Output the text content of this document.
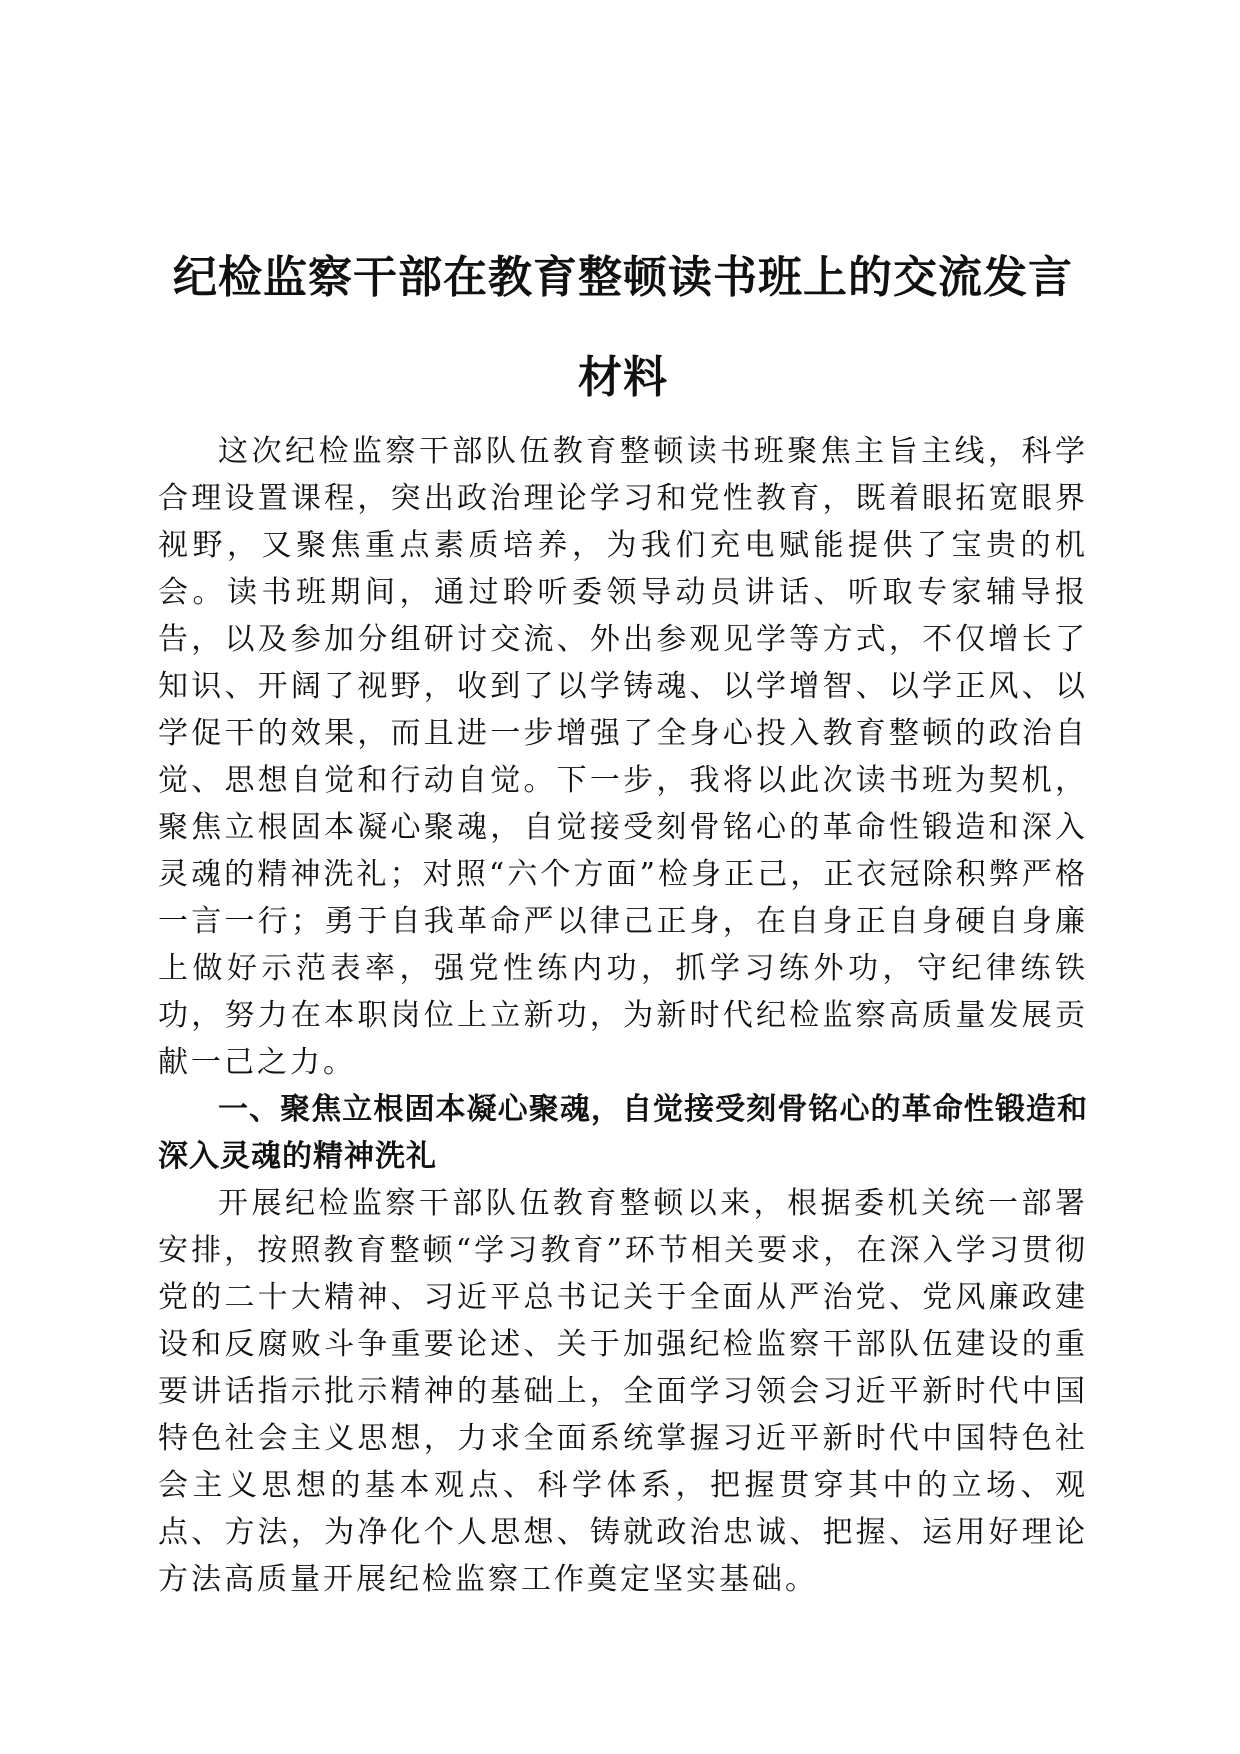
纪检监察干部在教育整顿读书班上的交流发言
材料

这次纪检监察干部队伍教育整顿读书班聚焦主旨主线，科学合理设置课程，突出政治理论学习和党性教育，既着眼拓宽眼界视野，又聚焦重点素质培养，为我们充电赋能提供了宝贵的机会。读书班期间，通过聆听委领导动员讲话、听取专家辅导报告，以及参加分组研讨交流、外出参观见学等方式，不仅增长了知识、开阔了视野，收到了以学铸魂、以学增智、以学正风、以学促干的效果，而且进一步增强了全身心投入教育整顿的政治自觉、思想自觉和行动自觉。下一步，我将以此次读书班为契机，聚焦立根固本凝心聚魂，自觉接受刻骨铭心的革命性锻造和深入灵魂的精神洗礼；对照“六个方面”检身正己，正衣冠除积弊严格一言一行；勇于自我革命严以律己正身，在自身正自身硬自身廉上做好示范表率，强党性练内功，抓学习练外功，守纪律练铁功，努力在本职岗位上立新功，为新时代纪检监察高质量发展贡献一己之力。

一、聚焦立根固本凝心聚魂，自觉接受刻骨铭心的革命性锻造和深入灵魂的精神洗礼

开展纪检监察干部队伍教育整顿以来，根据委机关统一部署安排，按照教育整顿“学习教育”环节相关要求，在深入学习贯彻党的二十大精神、习近平总书记关于全面从严治党、党风廉政建设和反腐败斗争重要论述、关于加强纪检监察干部队伍建设的重要讲话指示批示精神的基础上，全面学习领会习近平新时代中国特色社会主义思想，力求全面系统掌握习近平新时代中国特色社会主义思想的基本观点、科学体系，把握贯穿其中的立场、观点、方法，为净化个人思想、铸就政治忠诚、把握、运用好理论方法高质量开展纪检监察工作奠定坚实基础。
